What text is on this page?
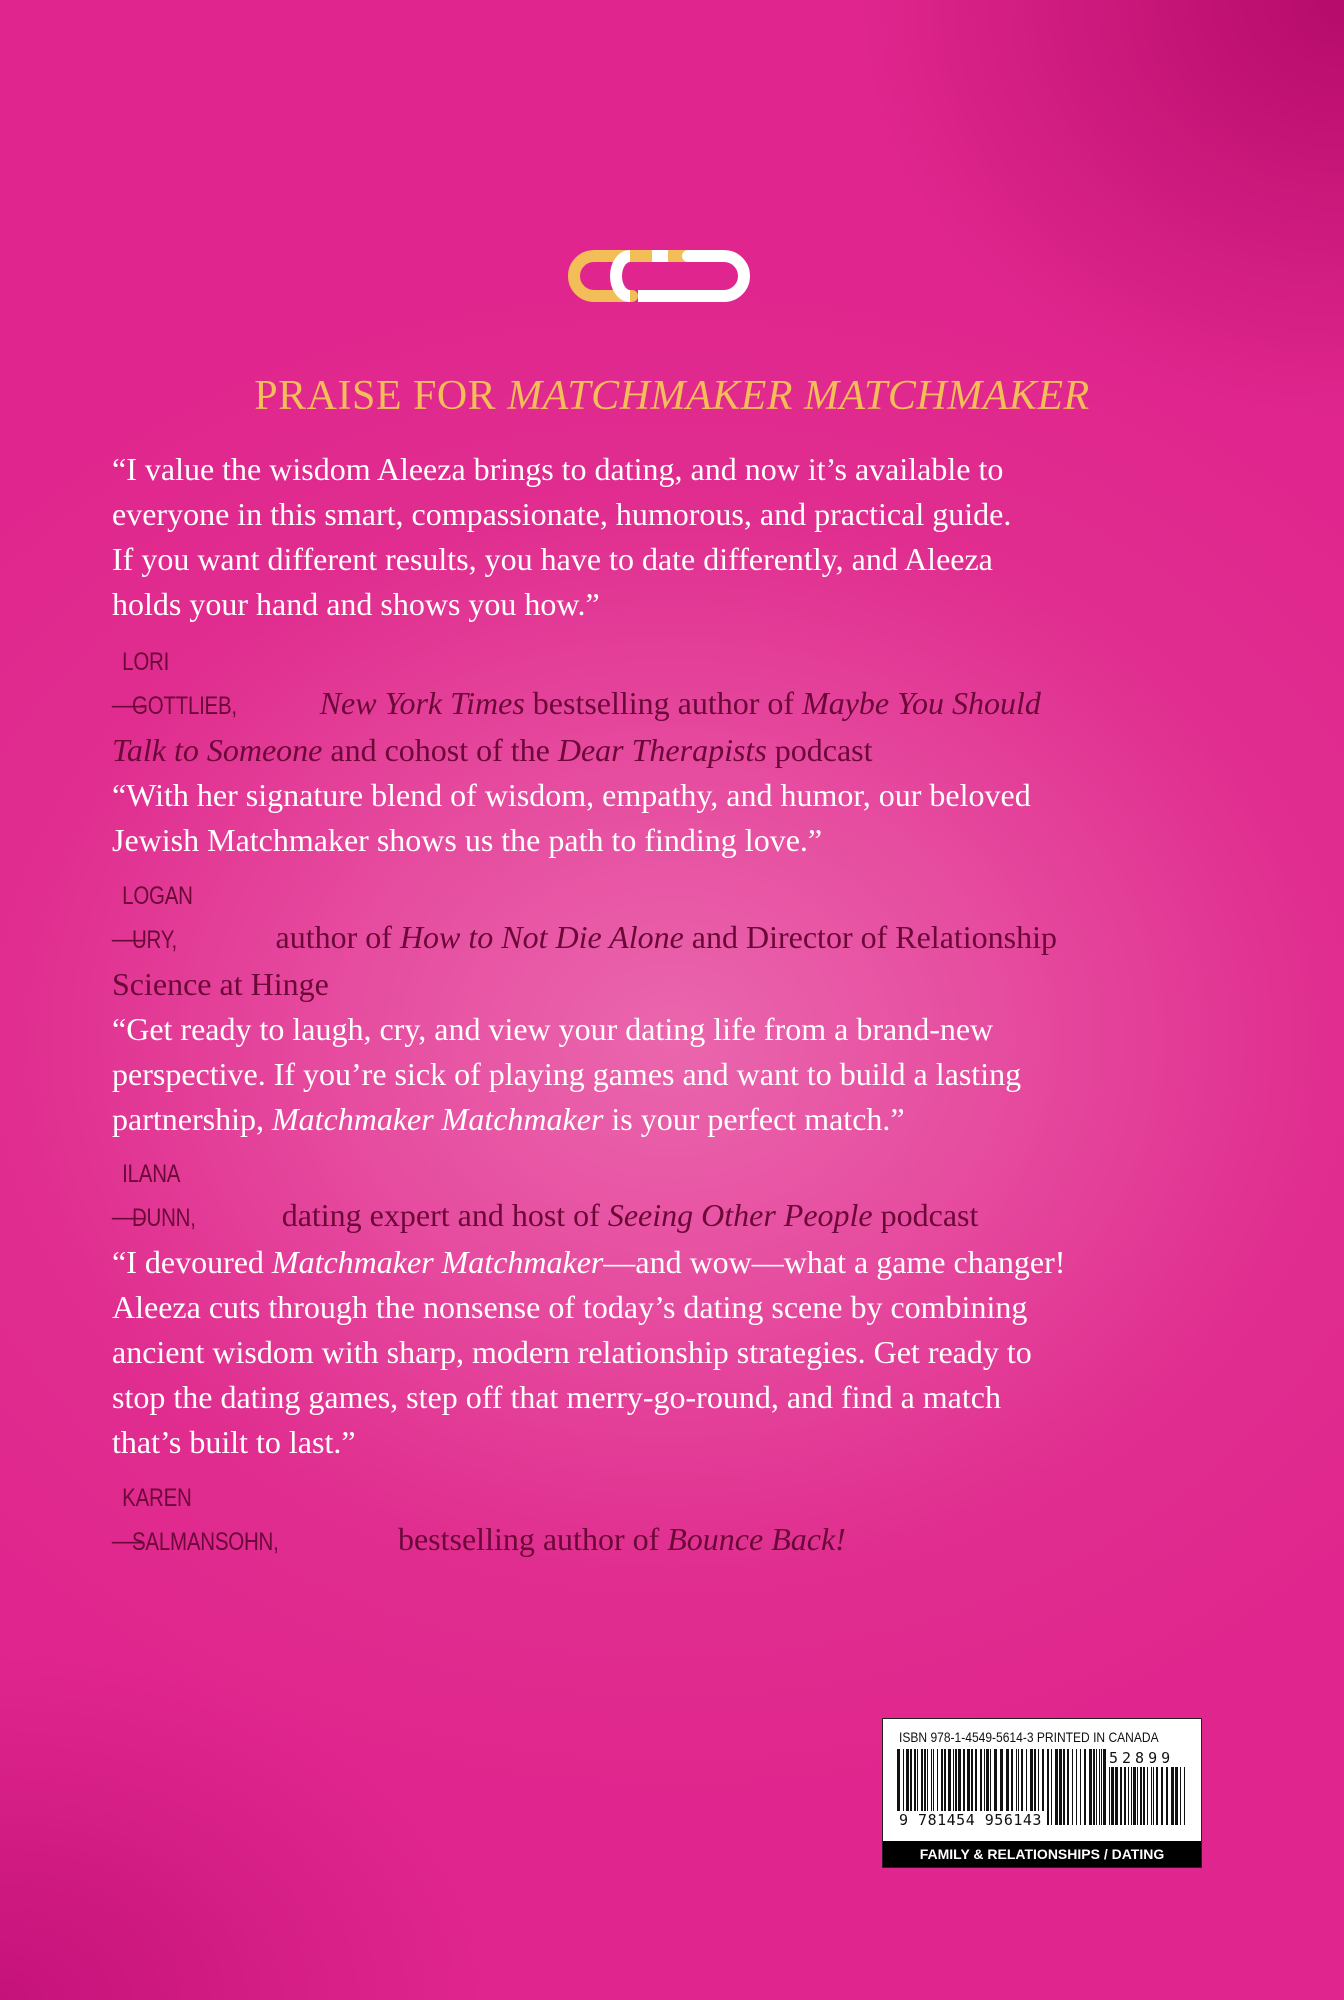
PRAISE FOR MATCHMAKER MATCHMAKER
“I value the wisdom Aleeza brings to dating, and now it’s available to
everyone in this smart, compassionate, humorous, and practical guide.
If you want different results, you have to date differently, and Aleeza
holds your hand and shows you how.”
—LORI GOTTLIEB,	New York Times bestselling author of Maybe You Should
Talk to Someone and cohost of the Dear Therapists podcast
“With her signature blend of wisdom, empathy, and humor, our beloved
Jewish Matchmaker shows us the path to finding love.”
—LOGAN URY,	author of How to Not Die Alone and Director of Relationship
Science at Hinge
“Get ready to laugh, cry, and view your dating life from a brand-new
perspective. If you’re sick of playing games and want to build a lasting
partnership, Matchmaker Matchmaker is your perfect match.”
—ILANA DUNN, dating expert and host of Seeing Other People podcast
“I devoured Matchmaker Matchmaker—and wow—what a game changer!
Aleeza cuts through the nonsense of today’s dating scene by combining
ancient wisdom with sharp, modern relationship strategies. Get ready to
stop the dating games, step off that merry-go-round, and find a match
that’s built to last.”
—KAREN SALMANSOHN,	bestselling author of Bounce Back!
ISBN 978-1-4549-5614-3 PRINTED IN CANADA
52899
9 781454 956143
FAMILY & RELATIONSHIPS / DATING
